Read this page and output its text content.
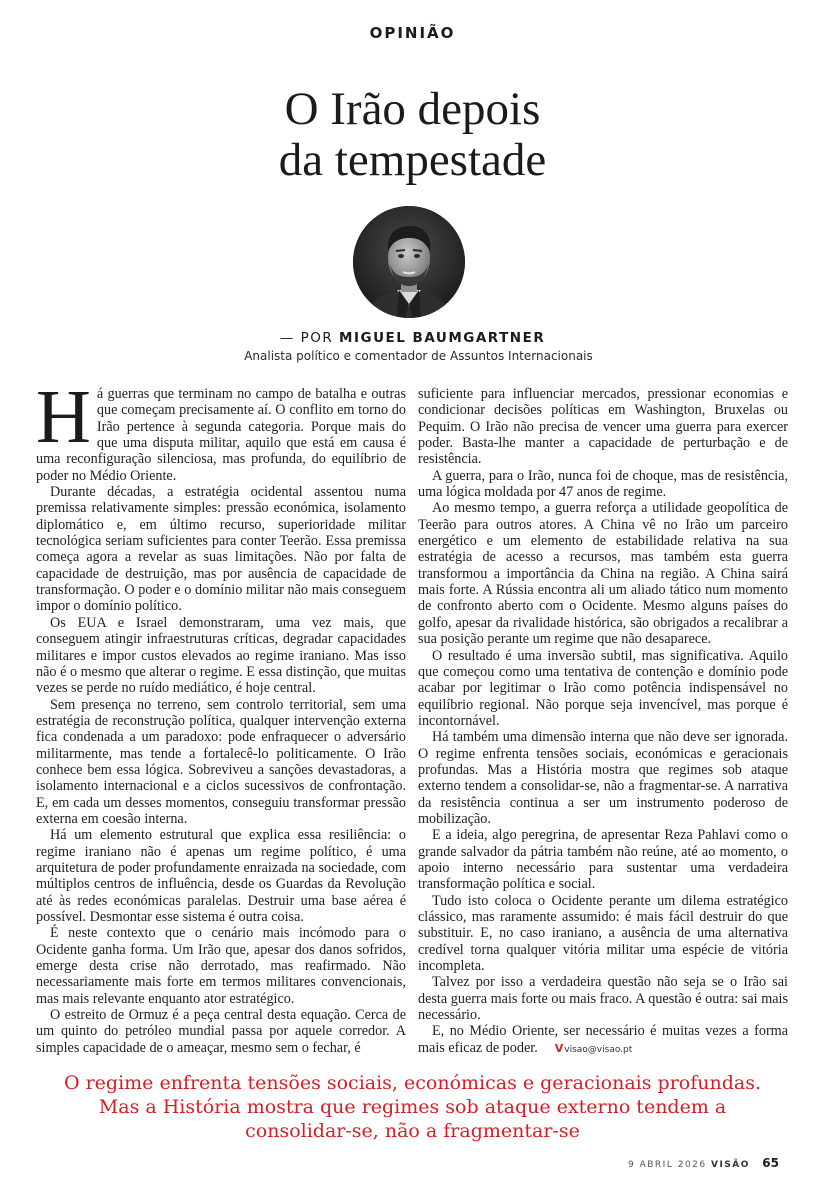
OPINIÃO
O Irão depois
da tempestade
— POR MIGUEL BAUMGARTNER
Analista político e comentador de Assuntos Internacionais

Há guerras que terminam no campo de batalha e outras que começam precisamente aí. O conflito em torno do Irão pertence à segunda categoria. Porque mais do que uma disputa militar, aquilo que está em causa é uma reconfiguração silenciosa, mas profunda, do equilíbrio de poder no Médio Oriente.

Durante décadas, a estratégia ocidental assentou numa premissa relativamente simples: pressão económica, isolamento diplomático e, em último recurso, superioridade militar tecnológica seriam suficientes para conter Teerão. Essa premissa começa agora a revelar as suas limitações. Não por falta de capacidade de destruição, mas por ausência de capacidade de transformação. O poder e o domínio militar não mais conseguem impor o domínio político.

Os EUA e Israel demonstraram, uma vez mais, que conseguem atingir infraestruturas críticas, degradar capacidades militares e impor custos elevados ao regime iraniano. Mas isso não é o mesmo que alterar o regime. E essa distinção, que muitas vezes se perde no ruído mediático, é hoje central.

Sem presença no terreno, sem controlo territorial, sem uma estratégia de reconstrução política, qualquer intervenção externa fica condenada a um paradoxo: pode enfraquecer o adversário militarmente, mas tende a fortalecê-lo politicamente. O Irão conhece bem essa lógica. Sobreviveu a sanções devastadoras, a isolamento internacional e a ciclos sucessivos de confrontação. E, em cada um desses momentos, conseguiu transformar pressão externa em coesão interna.

Há um elemento estrutural que explica essa resiliência: o regime iraniano não é apenas um regime político, é uma arquitetura de poder profundamente enraizada na sociedade, com múltiplos centros de influência, desde os Guardas da Revolução até às redes económicas paralelas. Destruir uma base aérea é possível. Desmontar esse sistema é outra coisa.

É neste contexto que o cenário mais incómodo para o Ocidente ganha forma. Um Irão que, apesar dos danos sofridos, emerge desta crise não derrotado, mas reafirmado. Não necessariamente mais forte em termos militares convencionais, mas mais relevante enquanto ator estratégico.

O estreito de Ormuz é a peça central desta equação. Cerca de um quinto do petróleo mundial passa por aquele corredor. A simples capacidade de o ameaçar, mesmo sem o fechar, é

suficiente para influenciar mercados, pressionar economias e condicionar decisões políticas em Washington, Bruxelas ou Pequim. O Irão não precisa de vencer uma guerra para exercer poder. Basta-lhe manter a capacidade de perturbação e de resistência.

A guerra, para o Irão, nunca foi de choque, mas de resistência, uma lógica moldada por 47 anos de regime.

Ao mesmo tempo, a guerra reforça a utilidade geopolítica de Teerão para outros atores. A China vê no Irão um parceiro energético e um elemento de estabilidade relativa na sua estratégia de acesso a recursos, mas também esta guerra transformou a importância da China na região. A China sairá mais forte. A Rússia encontra ali um aliado tático num momento de confronto aberto com o Ocidente. Mesmo alguns países do golfo, apesar da rivalidade histórica, são obrigados a recalibrar a sua posição perante um regime que não desaparece.

O resultado é uma inversão subtil, mas significativa. Aquilo que começou como uma tentativa de contenção e domínio pode acabar por legitimar o Irão como potência indispensável no equilíbrio regional. Não porque seja invencível, mas porque é incontornável.

Há também uma dimensão interna que não deve ser ignorada. O regime enfrenta tensões sociais, económicas e geracionais profundas. Mas a História mostra que regimes sob ataque externo tendem a consolidar-se, não a fragmentar-se. A narrativa da resistência continua a ser um instrumento poderoso de mobilização.

E a ideia, algo peregrina, de apresentar Reza Pahlavi como o grande salvador da pátria também não reúne, até ao momento, o apoio interno necessário para sustentar uma verdadeira transformação política e social.

Tudo isto coloca o Ocidente perante um dilema estratégico clássico, mas raramente assumido: é mais fácil destruir do que substituir. E, no caso iraniano, a ausência de uma alternativa credível torna qualquer vitória militar uma espécie de vitória incompleta.

Talvez por isso a verdadeira questão não seja se o Irão sai desta guerra mais forte ou mais fraco. A questão é outra: sai mais necessário.

E, no Médio Oriente, ser necessário é muitas vezes a forma mais eficaz de poder. V visao@visao.pt

O regime enfrenta tensões sociais, económicas e geracionais profundas. Mas a História mostra que regimes sob ataque externo tendem a consolidar-se, não a fragmentar-se
9 ABRIL 2026 VISÃO 65
